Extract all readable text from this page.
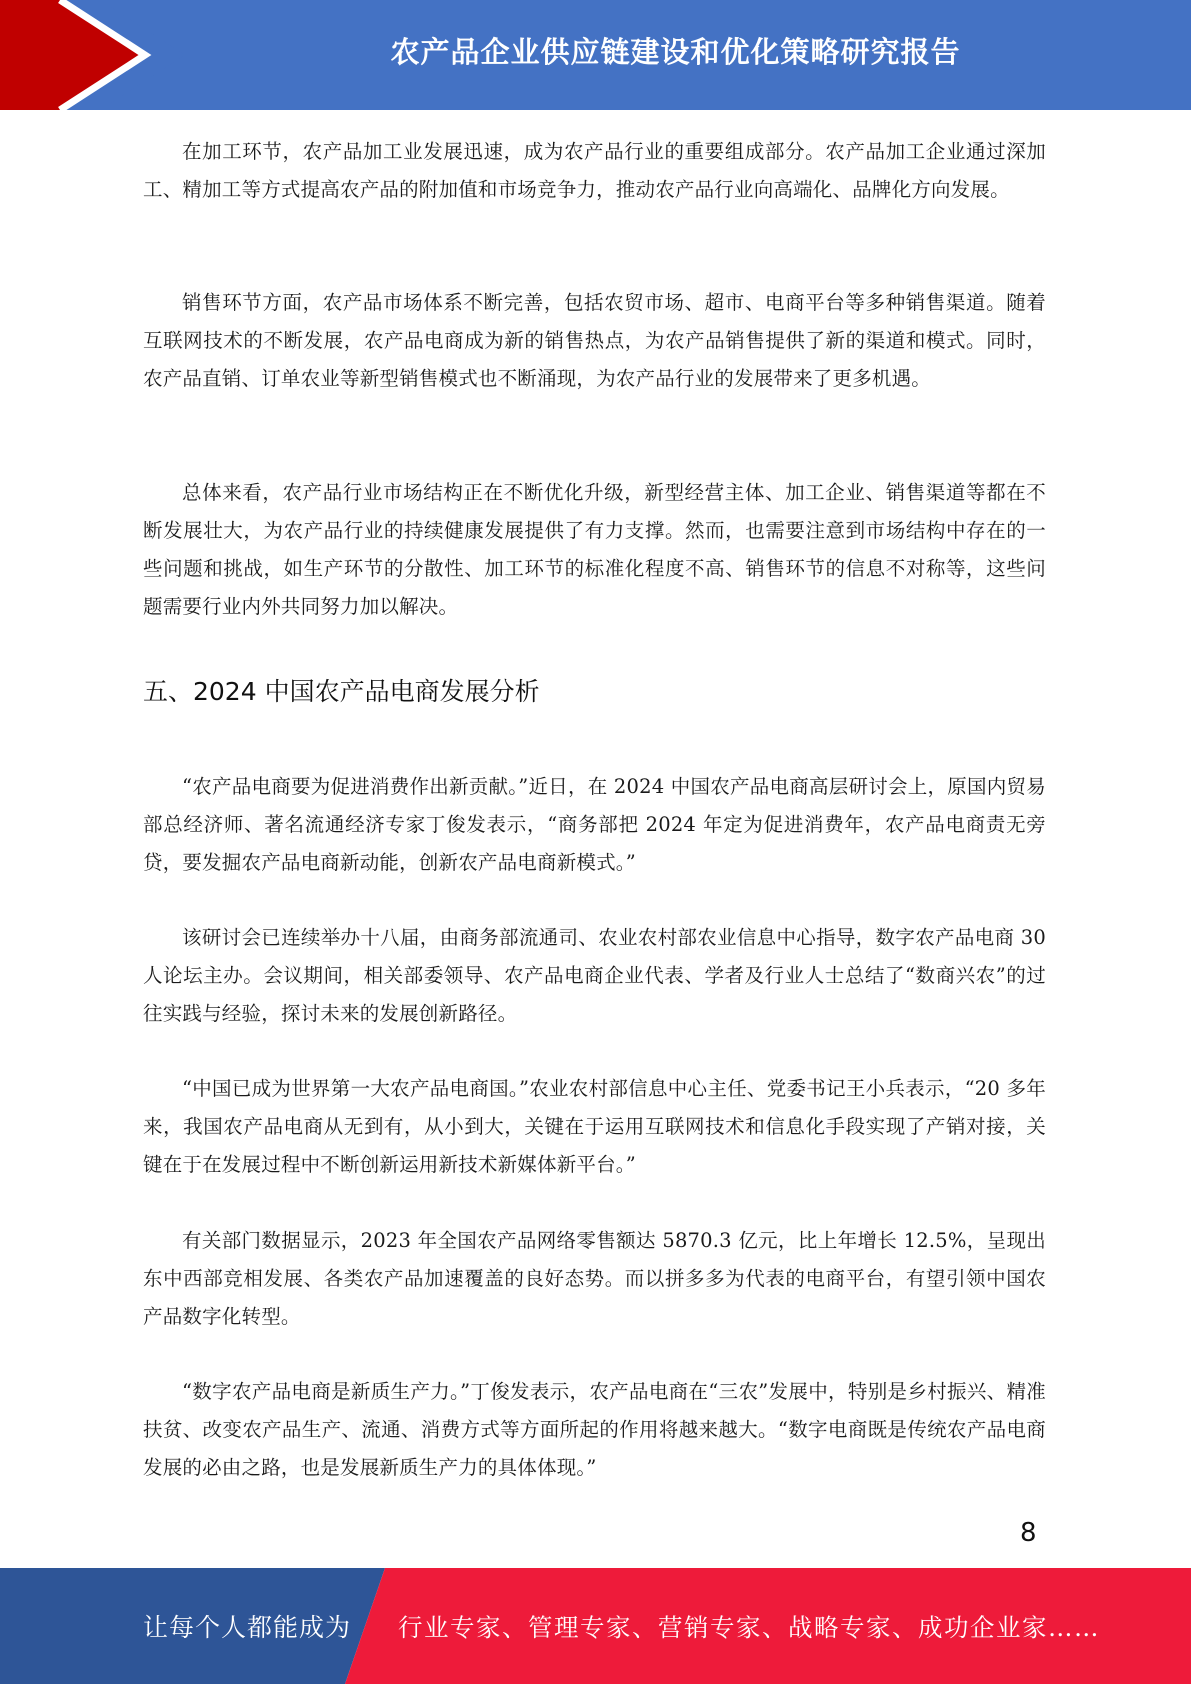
农产品企业供应链建设和优化策略研究报告

在加工环节，农产品加工业发展迅速，成为农产品行业的重要组成部分。农产品加工企业通过深加工、精加工等方式提高农产品的附加值和市场竞争力，推动农产品行业向高端化、品牌化方向发展。

销售环节方面，农产品市场体系不断完善，包括农贸市场、超市、电商平台等多种销售渠道。随着互联网技术的不断发展，农产品电商成为新的销售热点，为农产品销售提供了新的渠道和模式。同时，农产品直销、订单农业等新型销售模式也不断涌现，为农产品行业的发展带来了更多机遇。

总体来看，农产品行业市场结构正在不断优化升级，新型经营主体、加工企业、销售渠道等都在不断发展壮大，为农产品行业的持续健康发展提供了有力支撑。然而，也需要注意到市场结构中存在的一些问题和挑战，如生产环节的分散性、加工环节的标准化程度不高、销售环节的信息不对称等，这些问题需要行业内外共同努力加以解决。

五、2024 中国农产品电商发展分析

“农产品电商要为促进消费作出新贡献。”近日，在 2024 中国农产品电商高层研讨会上，原国内贸易部总经济师、著名流通经济专家丁俊发表示，“商务部把 2024 年定为促进消费年，农产品电商责无旁贷，要发掘农产品电商新动能，创新农产品电商新模式。”

该研讨会已连续举办十八届，由商务部流通司、农业农村部农业信息中心指导，数字农产品电商 30 人论坛主办。会议期间，相关部委领导、农产品电商企业代表、学者及行业人士总结了“数商兴农”的过往实践与经验，探讨未来的发展创新路径。

“中国已成为世界第一大农产品电商国。”农业农村部信息中心主任、党委书记王小兵表示，“20 多年来，我国农产品电商从无到有，从小到大，关键在于运用互联网技术和信息化手段实现了产销对接，关键在于在发展过程中不断创新运用新技术新媒体新平台。”

有关部门数据显示，2023 年全国农产品网络零售额达 5870.3 亿元，比上年增长 12.5%，呈现出东中西部竞相发展、各类农产品加速覆盖的良好态势。而以拼多多为代表的电商平台，有望引领中国农产品数字化转型。

“数字农产品电商是新质生产力。”丁俊发表示，农产品电商在“三农”发展中，特别是乡村振兴、精准扶贫、改变农产品生产、流通、消费方式等方面所起的作用将越来越大。“数字电商既是传统农产品电商发展的必由之路，也是发展新质生产力的具体体现。”

8
让每个人都能成为 行业专家、管理专家、营销专家、战略专家、成功企业家……
